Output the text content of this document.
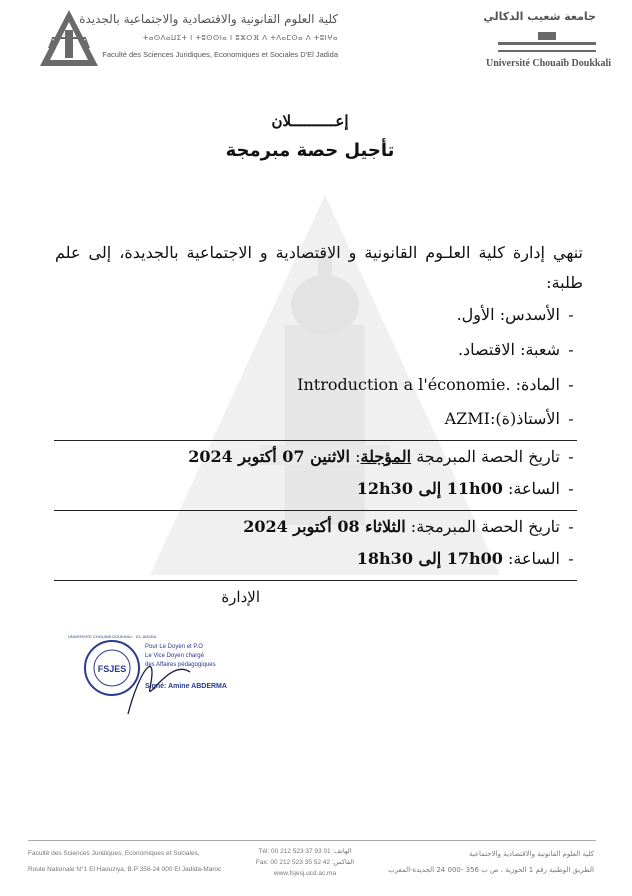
كلية العلوم القانونية والاقتصادية والاجتماعية بالجديدة
ⵜⴰⵙⴷⴰⵡⵉⵜ ⵏ ⵜⵓⵙⵙⵏⴰ ⵏ ⵓⵣⵔⴼ ⴷ ⵜⴷⴰⵎⵙⴰ ⴷ ⵜⵓⵏⵖⴰ
Faculté des Sciences Juridiques, Economiques et Sociales D'El Jadida
جامعة شعيب الدكالي
Université Chouaïb Doukkali
إعــــــــــلان
تأجيل حصة مبرمجة
تنهي إدارة كلية العلـوم القانونية و الاقتصادية و الاجتماعية بالجديدة، إلى علم طلبة:
-الأسدس: الأول.
-شعبة: الاقتصاد.
-المادة: Introduction a l'économie.
-الأستاذ(ة):AZMI
-تاريخ الحصة المبرمجة المؤجلة: الاثنين 07 أكتوبر 2024
-الساعة: 11h00 إلى 12h30
-تاريخ الحصة المبرمجة: الثلاثاء 08 أكتوبر 2024
-الساعة: 17h00 إلى 18h30
الإدارة
FSJES
UNIVERSITE CHOUAIB DOUKKALI · EL JADIDA
Pour Le Doyen et P.O
Le Vice Doyen chargé
des Affaires pédagogiques
Signé: Amine ABDERMA
Faculté des Sciences Juridiques, Economiques et Sociales,
Route Nationale N°1 El Haouziya, B.P 356-24 000 El Jadida-Maroc
Tél: 00 212 523 37 93 01 :الهاتف
Fax: 00 212 523 35 52 42 :الفاكس
www.fsjesj.ucd.ac.ma
كلية العلوم القانونية والاقتصادية والاجتماعية
الطريق الوطنية رقم 1 الحوزية ، ص ب 356 -000 24 الجديدة-المغرب
